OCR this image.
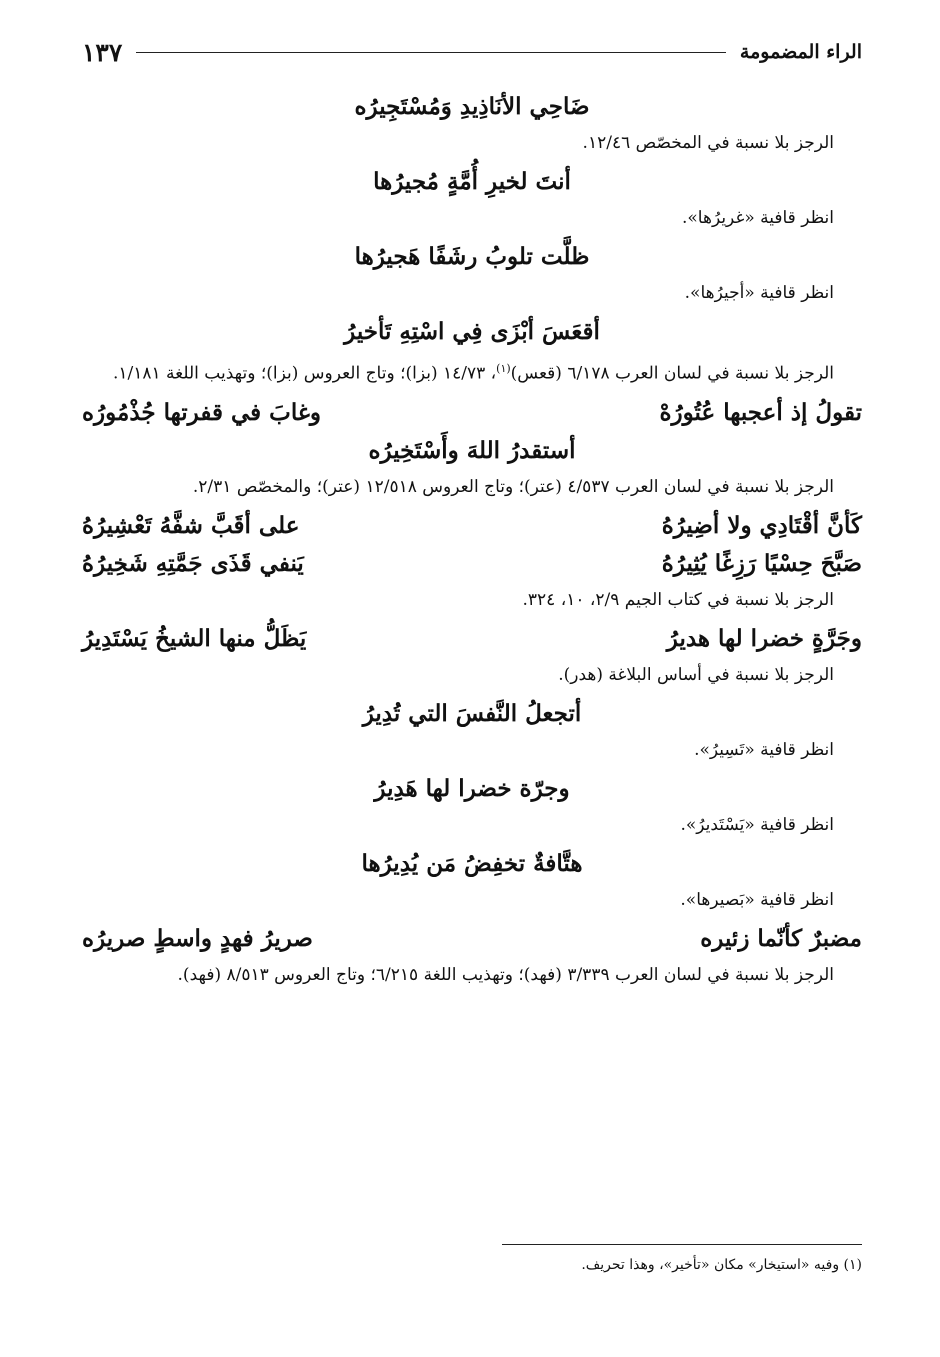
الراء المضمومة
١٣٧
ضَاحِي الأنَاذِيدِ وَمُسْتَجِيرُه
الرجز بلا نسبة في المخصّص ١٢/٤٦.
أنتَ لخيرِ أُمَّةٍ مُجيرُها
انظر قافية «غريرُها».
ظلَّت تلوبُ رشَفًا هَجيرُها
انظر قافية «أجيرُها».
أقعَسَ أبْزَى فِي اسْتِهِ تَأخيرُ
الرجز بلا نسبة في لسان العرب ٦/١٧٨ (قعس)$^{(١)}$، ١٤/٧٣ (بزا)؛ وتاج العروس (بزا)؛ وتهذيب اللغة ١/١٨١.
تقولُ إذ أعجبها عُتُورُهْ
وغابَ في قفرتها جُذْمُورُه
أستقدرُ اللهَ وأَسْتَخِيرُه
الرجز بلا نسبة في لسان العرب ٤/٥٣٧ (عتر)؛ وتاج العروس ١٢/٥١٨ (عتر)؛ والمخصّص ٢/٣١.
كَأنَّ أقْتَادِي ولا أضِيرُهُ
على أقَبَّ شفَّهُ تَعْشِيرُهُ
صَبَّحَ حِسْيًا رَزِغًا يُثِيرُهُ
يَنفي قَذَى جَمَّتِهِ شَخِيرُهُ
الرجز بلا نسبة في كتاب الجيم ٢/٩، ١٠، ٣٢٤.
وجَرَّةٍ خضرا لها هديرُ
يَظَلُّ منها الشيخُ يَسْتَدِيرُ
الرجز بلا نسبة في أساس البلاغة (هدر).
أتجعلُ النَّفسَ التي تُدِيرُ
انظر قافية «تَسِيرُ».
وجرّة خضرا لها هَدِيرُ
انظر قافية «يَسْتَديرُ».
هتَّافةٌ تخفِضُ مَن يُدِيرُها
انظر قافية «بَصيرها».
مضبرٌ كأنّما زئيره
صريرُ فهدٍ واسطٍ صريرُه
الرجز بلا نسبة في لسان العرب ٣/٣٣٩ (فهد)؛ وتهذيب اللغة ٦/٢١٥؛ وتاج العروس ٨/٥١٣ (فهد).
(١) وفيه «استيخار» مكان «تأخير»، وهذا تحريف.
